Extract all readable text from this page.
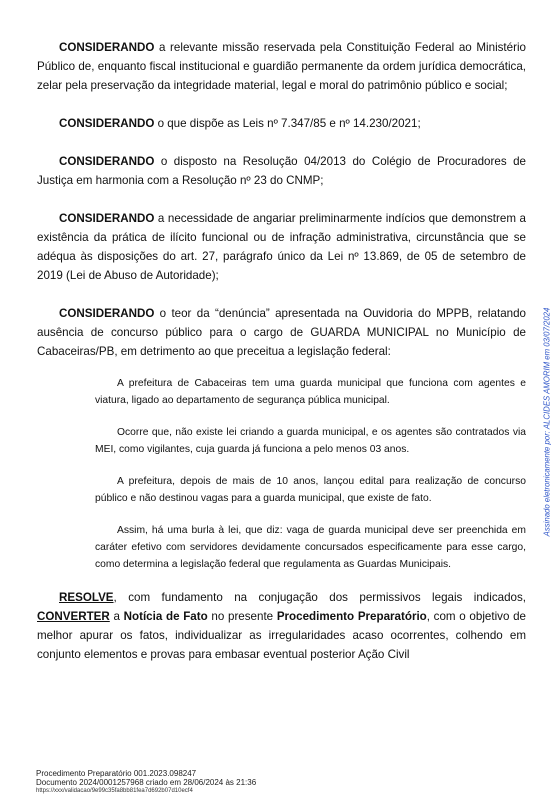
CONSIDERANDO a relevante missão reservada pela Constituição Federal ao Ministério Público de, enquanto fiscal institucional e guardião permanente da ordem jurídica democrática, zelar pela preservação da integridade material, legal e moral do patrimônio público e social;

CONSIDERANDO o que dispõe as Leis nº 7.347/85 e nº 14.230/2021;

CONSIDERANDO o disposto na Resolução 04/2013 do Colégio de Procuradores de Justiça em harmonia com a Resolução nº 23 do CNMP;

CONSIDERANDO a necessidade de angariar preliminarmente indícios que demonstrem a existência da prática de ilícito funcional ou de infração administrativa, circunstância que se adéqua às disposições do art. 27, parágrafo único da Lei nº 13.869, de 05 de setembro de 2019 (Lei de Abuso de Autoridade);

CONSIDERANDO o teor da “denúncia” apresentada na Ouvidoria do MPPB, relatando ausência de concurso público para o cargo de GUARDA MUNICIPAL no Município de Cabaceiras/PB, em detrimento ao que preceitua a legislação federal:

A prefeitura de Cabaceiras tem uma guarda municipal que funciona com agentes e viatura, ligado ao departamento de segurança pública municipal.

Ocorre que, não existe lei criando a guarda municipal, e os agentes são contratados via MEI, como vigilantes, cuja guarda já funciona a pelo menos 03 anos.

A prefeitura, depois de mais de 10 anos, lançou edital para realização de concurso público e não destinou vagas para a guarda municipal, que existe de fato.

Assim, há uma burla à lei, que diz: vaga de guarda municipal deve ser preenchida em caráter efetivo com servidores devidamente concursados especificamente para esse cargo, como determina a legislação federal que regulamenta as Guardas Municipais.

RESOLVE, com fundamento na conjugação dos permissivos legais indicados, CONVERTER a Notícia de Fato no presente Procedimento Preparatório, com o objetivo de melhor apurar os fatos, individualizar as irregularidades acaso ocorrentes, colhendo em conjunto elementos e provas para embasar eventual posterior Ação Civil

Procedimento Preparatório 001.2023.098247
Documento 2024/0001257968 criado em 28/06/2024 às 21:36
https://xxx/validacao/9e99c35fa8bb81fea7d692b07d10ecf4
Assinado eletronicamente por: ALCIDES AMORIM em 03/07/2024
